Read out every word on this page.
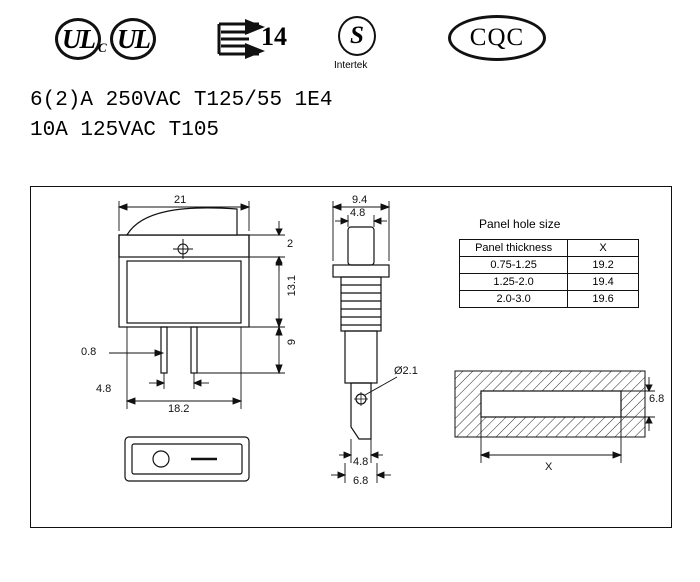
UL C UL	14	S
Intertek
CQC
6(2)A 250VAC T125/55 1E4
10A 125VAC T105
21
2
13.1
9
0.8
4.8
18.2
9.4
4.8
Ø2.1
4.8
6.8
Panel hole size
Panel thickness	X
0.75-1.25	19.2
1.25-2.0	19.4
2.0-3.0	19.6
6.8
X
